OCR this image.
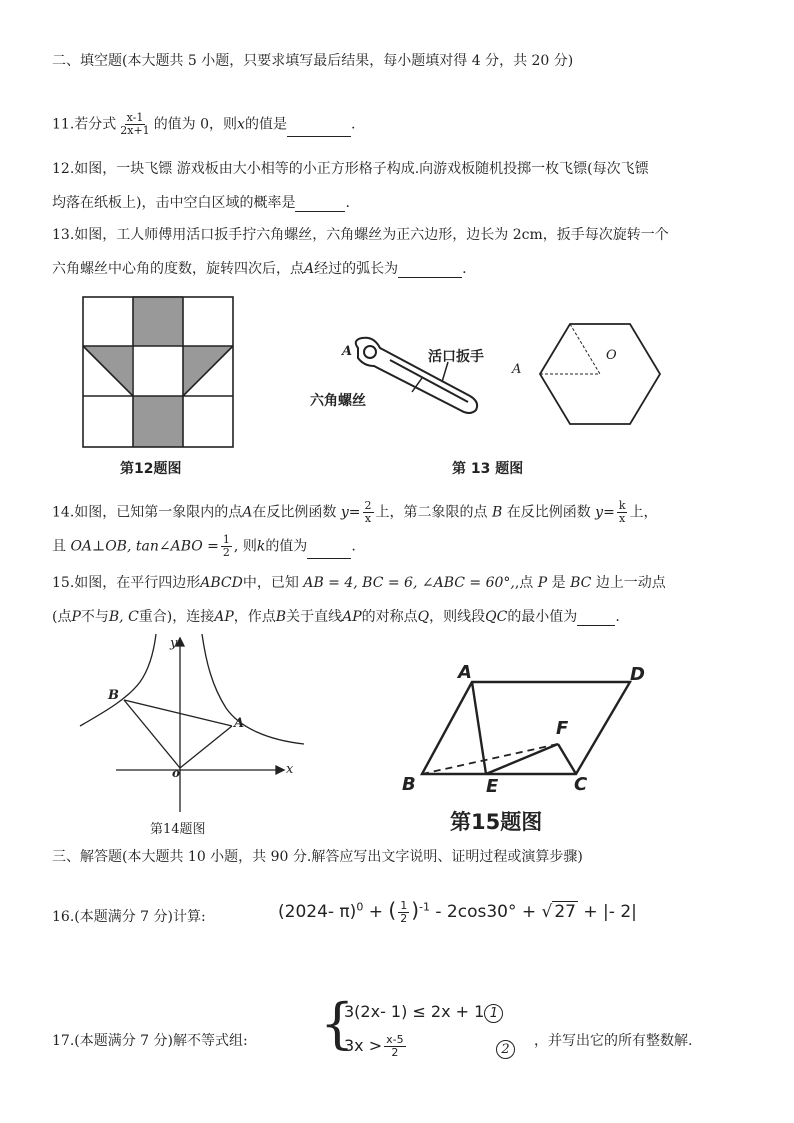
二、填空题(本大题共 5 小题，只要求填写最后结果，每小题填对得 4 分，共 20 分)
11.若分式 $\frac{x-1}{2x+1}$ 的值为 0，则x的值是	.
12.如图，一块飞镖 游戏板由大小相等的小正方形格子构成.向游戏板随机投掷一枚飞镖(每次飞镖
均落在纸板上)，击中空白区域的概率是	.
13.如图，工人师傅用活口扳手拧六角螺丝，六角螺丝为正六边形，边长为 2cm，扳手每次旋转一个
六角螺丝中心角的度数，旋转四次后，点A经过的弧长为	.
第12题图
A	活口扳手
六角螺丝
A
O
第 13 题图
14.如图，已知第一象限内的点A在反比例函数 $y= \frac{2}{x}$ 上，第二象限的点 B 在反比例函数 $y= \frac{k}{x}$ 上，
且 OA⊥OB, tan∠ABO = $\frac{1}{2}$ , 则k的值为	.
15.如图，在平行四边形ABCD中，已知 AB = 4, BC = 6, ∠ABC = 60°,,点 P 是 BC 边上一动点
(点P不与B, C重合)，连接AP，作点B关于直线AP的对称点Q，则线段QC的最小值为	.
B
A
o	x
y
第14题图
A	D
B	E	C
F
第15题图
三、解答题(本大题共 10 小题，共 90 分.解答应写出文字说明、证明过程或演算步骤)
16.(本题满分 7 分)计算:	(2024- π)$^0$ + ( $\frac{1}{2} )^{-1} - 2\cos 30^\circ$ + √ 27 + |- 2|
17.(本题满分 7 分)解不等式组: {
3(2x- 1) ≤ 2x + 1 1
$3x > \frac{x-5}{2}$	2
，并写出它的所有整数解.
